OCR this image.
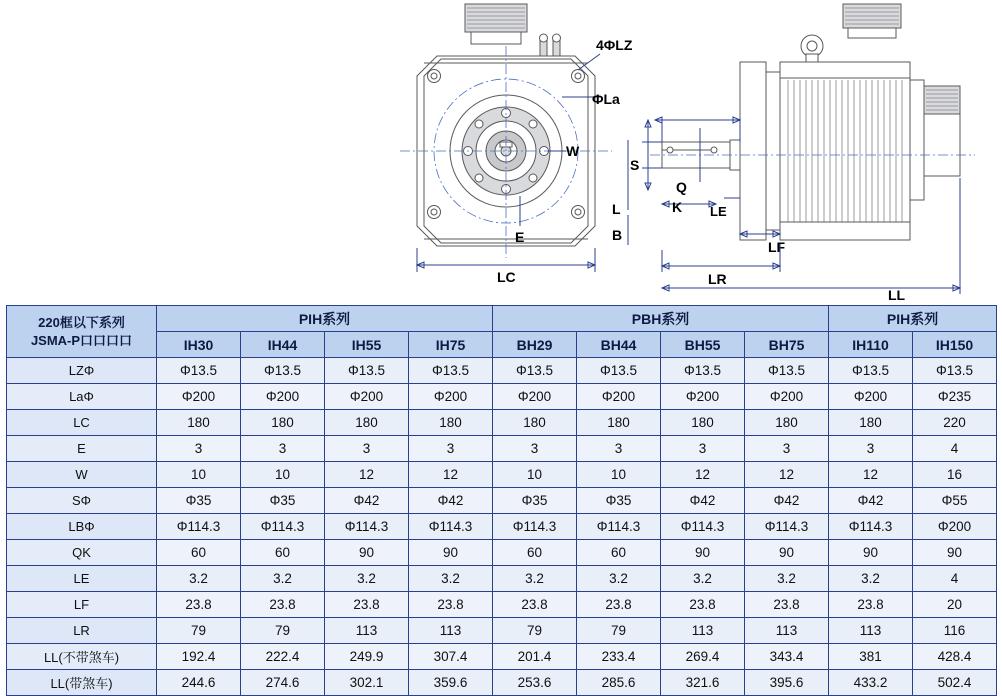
4ΦLZ
ΦLa
W
E
LC
S
Q
K LE
L
B
LF
LR
LL
220框以下系列
JSMA-P口口口口	PIH系列				PBH系列				PIH系列	
	IH30	IH44	IH55	IH75	BH29	BH44	BH55	BH75	IH110	IH150
LZΦ	Φ13.5	Φ13.5	Φ13.5	Φ13.5	Φ13.5	Φ13.5	Φ13.5	Φ13.5	Φ13.5	Φ13.5
LaΦ	Φ200	Φ200	Φ200	Φ200	Φ200	Φ200	Φ200	Φ200	Φ200	Φ235
LC	180	180	180	180	180	180	180	180	180	220
E	3	3	3	3	3	3	3	3	3	4
W	10	10	12	12	10	10	12	12	12	16
SΦ	Φ35	Φ35	Φ42	Φ42	Φ35	Φ35	Φ42	Φ42	Φ42	Φ55
LBΦ	Φ114.3	Φ114.3	Φ114.3	Φ114.3	Φ114.3	Φ114.3	Φ114.3	Φ114.3	Φ114.3	Φ200
QK	60	60	90	90	60	60	90	90	90	90
LE	3.2	3.2	3.2	3.2	3.2	3.2	3.2	3.2	3.2	4
LF	23.8	23.8	23.8	23.8	23.8	23.8	23.8	23.8	23.8	20
LR	79	79	113	113	79	79	113	113	113	116
LL(不带煞车)	192.4	222.4	249.9	307.4	201.4	233.4	269.4	343.4	381	428.4
LL(带煞车)	244.6	274.6	302.1	359.6	253.6	285.6	321.6	395.6	433.2	502.4
